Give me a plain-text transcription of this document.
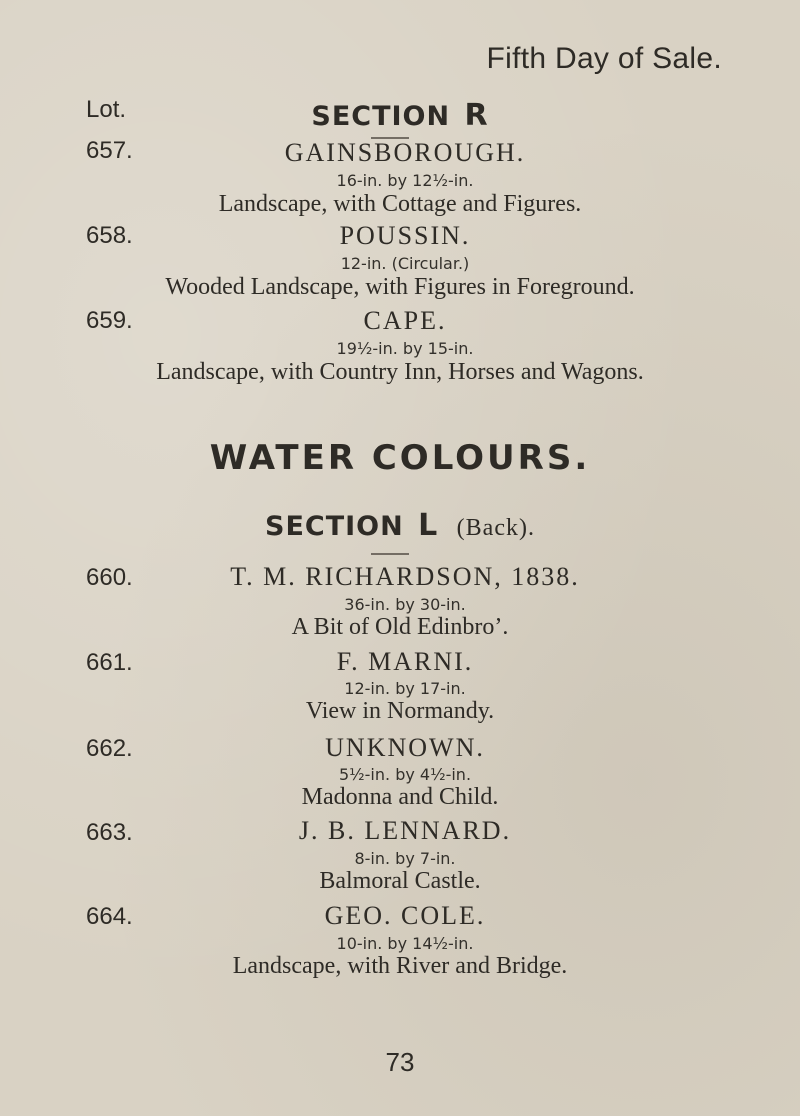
Fifth Day of Sale.
Lot.	SECTION R
657.	GAINSBOROUGH.
16-in. by 12½-in.
Landscape, with Cottage and Figures.
658.	POUSSIN.
12-in. (Circular.)
Wooded Landscape, with Figures in Foreground.
659.	CAPE.
19½-in. by 15-in.
Landscape, with Country Inn, Horses and Wagons.
WATER COLOURS.
SECTION L (Back).
660.	T. M. RICHARDSON, 1838.
36-in. by 30-in.
A Bit of Old Edinbro’.
661.	F. MARNI.
12-in. by 17-in.
View in Normandy.
662.	UNKNOWN.
5½-in. by 4½-in.
Madonna and Child.
663.	J. B. LENNARD.
8-in. by 7-in.
Balmoral Castle.
664.	GEO. COLE.
10-in. by 14½-in.
Landscape, with River and Bridge.
73
